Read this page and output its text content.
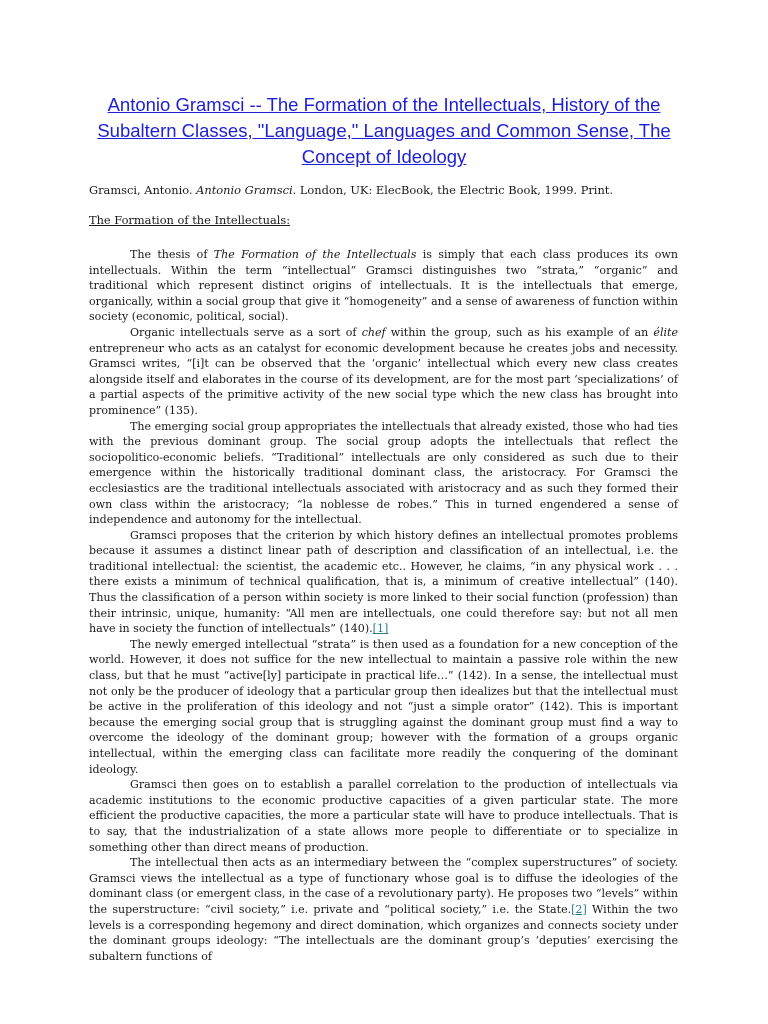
Antonio Gramsci -- The Formation of the Intellectuals, History of the Subaltern Classes, "Language," Languages and Common Sense, The Concept of Ideology
Gramsci, Antonio. Antonio Gramsci. London, UK: ElecBook, the Electric Book, 1999. Print.
The Formation of the Intellectuals:

The thesis of The Formation of the Intellectuals is simply that each class produces its own intellectuals. Within the term “intellectual” Gramsci distinguishes two “strata,” “organic” and traditional which represent distinct origins of intellectuals. It is the intellectuals that emerge, organically, within a social group that give it “homogeneity” and a sense of awareness of function within society (economic, political, social).

Organic intellectuals serve as a sort of chef within the group, such as his example of an élite entrepreneur who acts as an catalyst for economic development because he creates jobs and necessity. Gramsci writes, “[i]t can be observed that the ‘organic’ intellectual which every new class creates alongside itself and elaborates in the course of its development, are for the most part ‘specializations’ of a partial aspects of the primitive activity of the new social type which the new class has brought into prominence” (135).

The emerging social group appropriates the intellectuals that already existed, those who had ties with the previous dominant group. The social group adopts the intellectuals that reflect the sociopolitico-economic beliefs. “Traditional” intellectuals are only considered as such due to their emergence within the historically traditional dominant class, the aristocracy. For Gramsci the ecclesiastics are the traditional intellectuals associated with aristocracy and as such they formed their own class within the aristocracy; “la noblesse de robes.” This in turned engendered a sense of independence and autonomy for the intellectual.

Gramsci proposes that the criterion by which history defines an intellectual promotes problems because it assumes a distinct linear path of description and classification of an intellectual, i.e. the traditional intellectual: the scientist, the academic etc.. However, he claims, “in any physical work . . . there exists a minimum of technical qualification, that is, a minimum of creative intellectual” (140). Thus the classification of a person within society is more linked to their social function (profession) than their intrinsic, unique, humanity: “All men are intellectuals, one could therefore say: but not all men have in society the function of intellectuals” (140).[1]

The newly emerged intellectual “strata” is then used as a foundation for a new conception of the world. However, it does not suffice for the new intellectual to maintain a passive role within the new class, but that he must “active[ly] participate in practical life…” (142). In a sense, the intellectual must not only be the producer of ideology that a particular group then idealizes but that the intellectual must be active in the proliferation of this ideology and not “just a simple orator” (142). This is important because the emerging social group that is struggling against the dominant group must find a way to overcome the ideology of the dominant group; however with the formation of a groups organic intellectual, within the emerging class can facilitate more readily the conquering of the dominant ideology.

Gramsci then goes on to establish a parallel correlation to the production of intellectuals via academic institutions to the economic productive capacities of a given particular state. The more efficient the productive capacities, the more a particular state will have to produce intellectuals. That is to say, that the industrialization of a state allows more people to differentiate or to specialize in something other than direct means of production.

The intellectual then acts as an intermediary between the “complex superstructures” of society. Gramsci views the intellectual as a type of functionary whose goal is to diffuse the ideologies of the dominant class (or emergent class, in the case of a revolutionary party). He proposes two “levels” within the superstructure: “civil society,” i.e. private and “political society,” i.e. the State.[2] Within the two levels is a corresponding hegemony and direct domination, which organizes and connects society under the dominant groups ideology: “The intellectuals are the dominant group’s ‘deputies’ exercising the subaltern functions of
